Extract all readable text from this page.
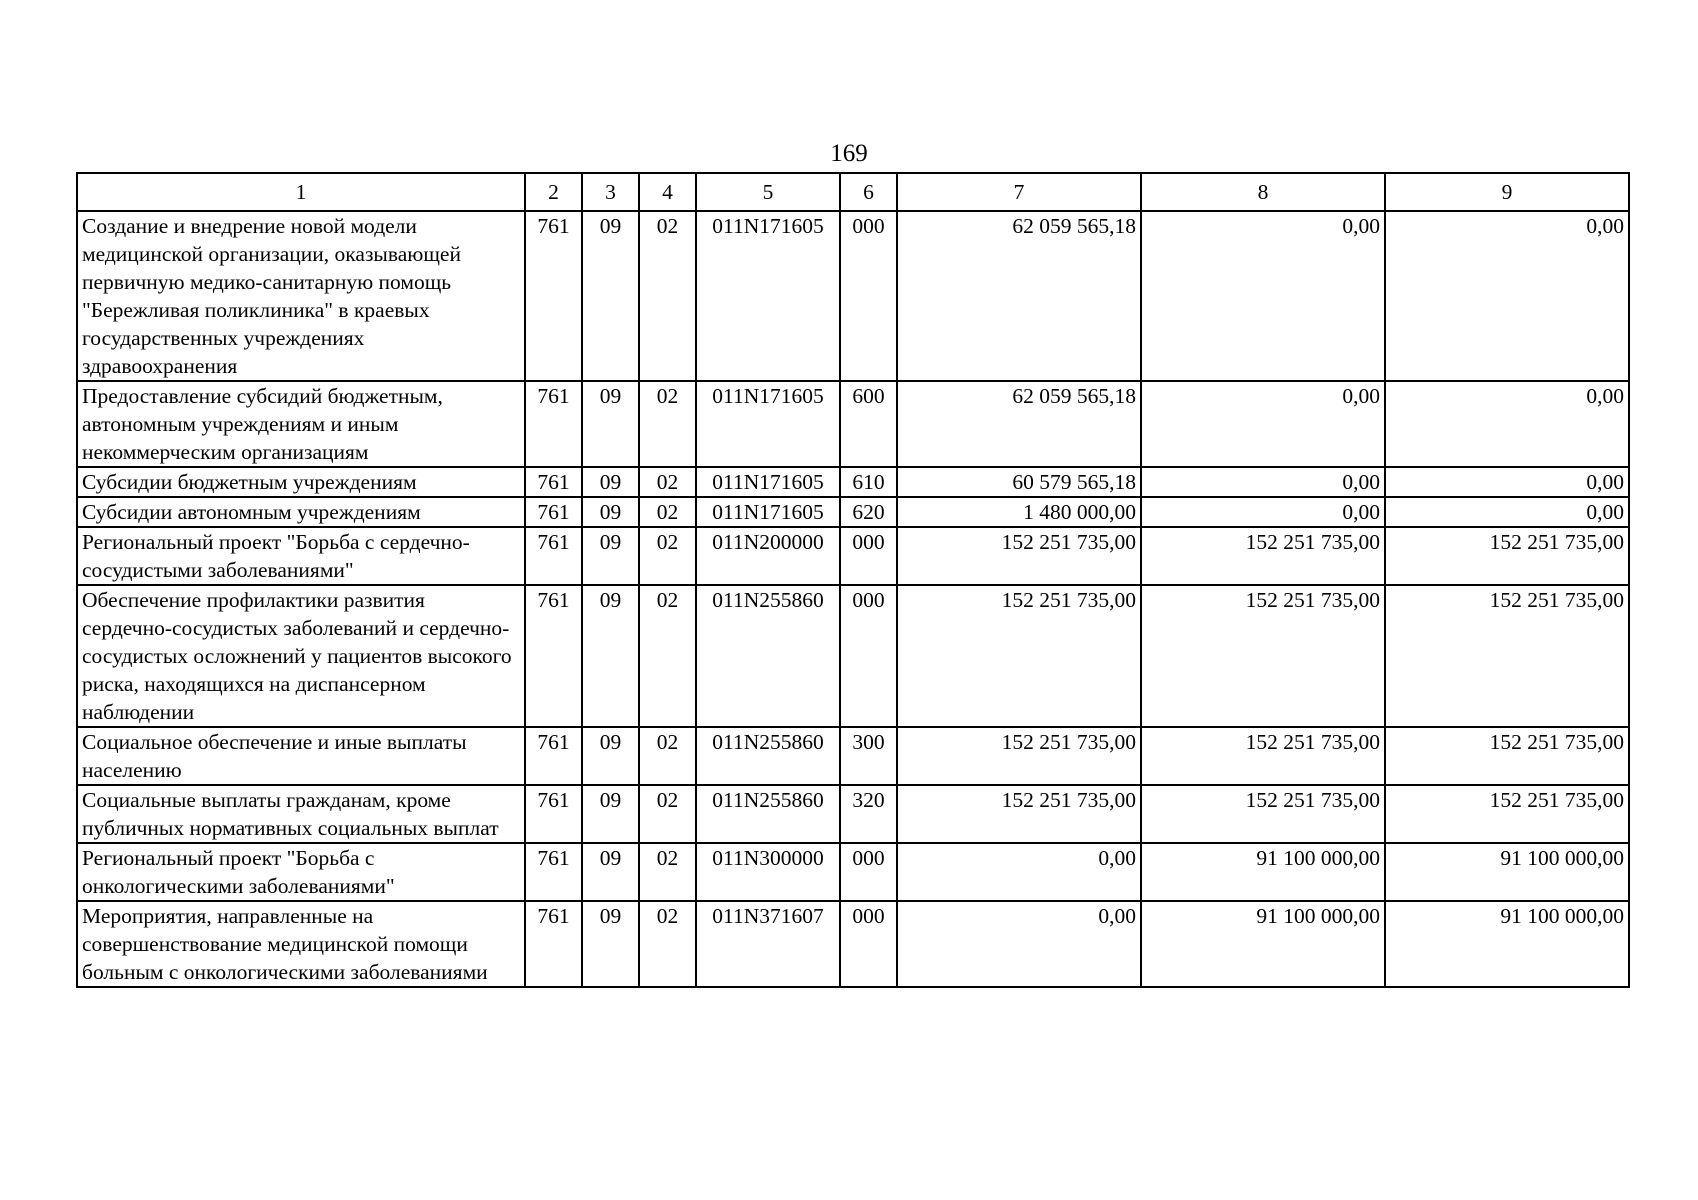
169
1	2	3	4	5	6	7	8	9
Создание и внедрение новой модели медицинской организации, оказывающей первичную медико-санитарную помощь "Бережливая поликлиника" в краевых государственных учреждениях здравоохранения	761	09	02	011N171605	000	62 059 565,18	0,00	0,00
Предоставление субсидий бюджетным, автономным учреждениям и иным некоммерческим организациям	761	09	02	011N171605	600	62 059 565,18	0,00	0,00
Субсидии бюджетным учреждениям	761	09	02	011N171605	610	60 579 565,18	0,00	0,00
Субсидии автономным учреждениям	761	09	02	011N171605	620	1 480 000,00	0,00	0,00
Региональный проект "Борьба с сердечно-сосудистыми заболеваниями"	761	09	02	011N200000	000	152 251 735,00	152 251 735,00	152 251 735,00
Обеспечение профилактики развития сердечно-сосудистых заболеваний и сердечно-сосудистых осложнений у пациентов высокого риска, находящихся на диспансерном наблюдении	761	09	02	011N255860	000	152 251 735,00	152 251 735,00	152 251 735,00
Социальное обеспечение и иные выплаты населению	761	09	02	011N255860	300	152 251 735,00	152 251 735,00	152 251 735,00
Социальные выплаты гражданам, кроме публичных нормативных социальных выплат	761	09	02	011N255860	320	152 251 735,00	152 251 735,00	152 251 735,00
Региональный проект "Борьба с онкологическими заболеваниями"	761	09	02	011N300000	000	0,00	91 100 000,00	91 100 000,00
Мероприятия, направленные на совершенствование медицинской помощи больным с онкологическими заболеваниями	761	09	02	011N371607	000	0,00	91 100 000,00	91 100 000,00
